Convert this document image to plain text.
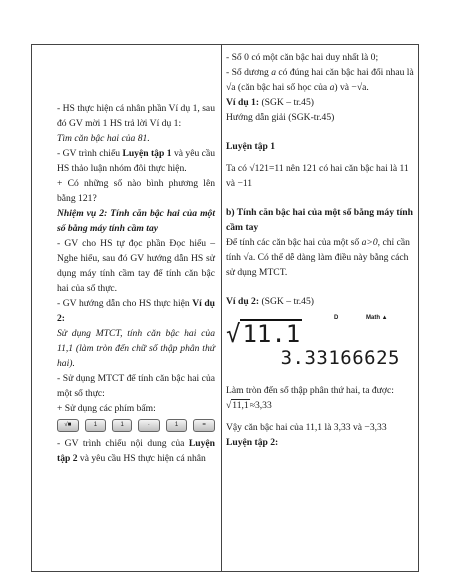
- HS thực hiện cá nhân phần Ví dụ 1, sau đó GV mời 1 HS trả lời Ví dụ 1:

Tìm căn bậc hai của 81.

- GV trình chiếu Luyện tập 1 và yêu cầu HS thảo luận nhóm đôi thực hiện.

+ Có những số nào bình phương lên bằng 121?

Nhiệm vụ 2: Tính căn bậc hai của một số bằng máy tính cầm tay

- GV cho HS tự đọc phần Đọc hiểu – Nghe hiểu, sau đó GV hướng dẫn HS sử dụng máy tính cầm tay để tính căn bậc hai của số thực.

- GV hướng dẫn cho HS thực hiện Ví dụ 2:

Sử dụng MTCT, tính căn bậc hai của 11,1 (làm tròn đến chữ số thập phân thứ hai).

- Sử dụng MTCT để tính căn bậc hai của một số thực:

+ Sử dụng các phím bấm:

√■	1	1	·	1	=

- GV trình chiếu nội dung của Luyện tập 2 và yêu cầu HS thực hiện cá nhân

- Số 0 có một căn bậc hai duy nhất là 0;

- Số dương a có đúng hai căn bậc hai đối nhau là √a (căn bậc hai số học của a) và −√a.

Ví dụ 1: (SGK – tr.45)

Hướng dẫn giải (SGK-tr.45)

Luyện tập 1

Ta có √121=11 nên 121 có hai căn bậc hai là 11 và −11

b) Tính căn bậc hai của một số bằng máy tính cầm tay

Để tính các căn bậc hai của một số a>0, chỉ cần tính √a. Có thể dễ dàng làm điều này bằng cách sử dụng MTCT.

Ví dụ 2: (SGK – tr.45)

D	Math ▲
√11.1
3.33166625

Làm tròn đến số thập phân thứ hai, ta được:

√11,1≈3,33

Vậy căn bậc hai của 11,1 là 3,33 và −3,33

Luyện tập 2:
